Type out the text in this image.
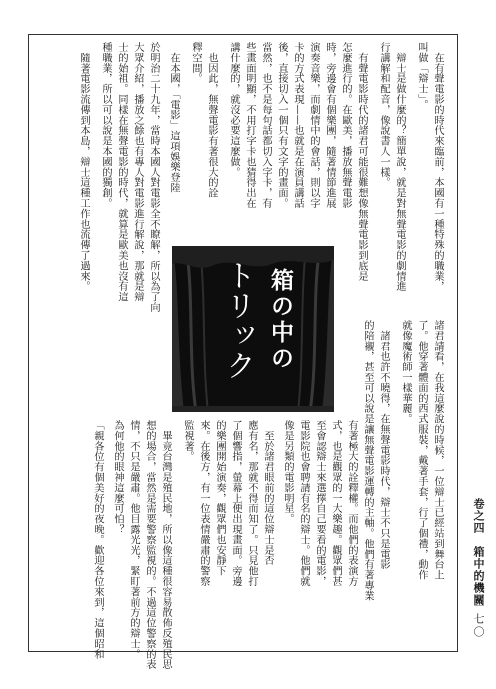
卷之四　箱中的機關
一七〇
諸君請看，在我這麼說的時候，一位辯士已經站到舞台上
了。他穿著體面的西式服裝，戴著手套，行了個禮，動作
就像魔術師一樣華麗。
　諸君也許不曉得，在無聲電影時代，辯士不只是電影
的陪襯，甚至可以說是讓無聲電影運轉的主軸。他們有著專業
有著極大的詮釋權。而他們的表演方
式，也是觀眾的一大樂趣。觀眾們甚
至會認辯士來選擇自己要看的電影，
電影院也會聘請有名的辯士。他們就
像是另類的電影明星。
　至於諸君眼前的這位辯士是否
應有名，那就不得而知了。只見他打
了個響指，螢幕上便出現畫面。旁邊
的樂團開始演奏，觀眾們也安靜下
來。在後方，有一位表情嚴肅的警察
監視著。
　畢竟台灣是殖民地，所以像這種很容易散佈反殖民思
想的場合，當然是需要警察監視的。不過這位警察的表
情，不只是嚴肅。他目露光光，緊盯著前方的辯士。
為何他的眼神這麼可怕？
「親各位有個美好的夜晚。歡迎各位來到，這個昭和
　在有聲電影的時代來臨前，本國有一種特殊的職業，
叫做「辯士」。
　辯士是做什麼的？簡單說，就是對無聲電影的劇情進
行講解和配音，像說書人一樣。
　有聲電影時代的諸君可能很難想像無聲電影到底是
怎麼進行的。在歐美，播放無聲電影
時，旁邊會有個樂團，隨著情節進展
演奏音樂，而劇情中的會話，則以字
卡的方式表現——也就是在演員講話
後，直接切入一個只有文字的畫面。
當然，也不是每句話都切入字卡，有
些畫面明顯，不用打字卡也猜得出在
講什麼的，就沒必要這麼做。
　也因此，無聲電影有著很大的詮
釋空間。
　在本國，「電影」這項娛樂登陸
於明治二十九年，當時本國人對電影全不瞭解，所以為了向
大眾介紹，播放之餘也有專人對電影進行解說，那就是辯
士的始祖。同樣在無聲電影的時代，就算是歐美也沒有這
種職業，所以可以說是本國的獨創。
　隨著電影流傳到本島，辯士這種工作也流傳了過來。
箱の中の
トリック
